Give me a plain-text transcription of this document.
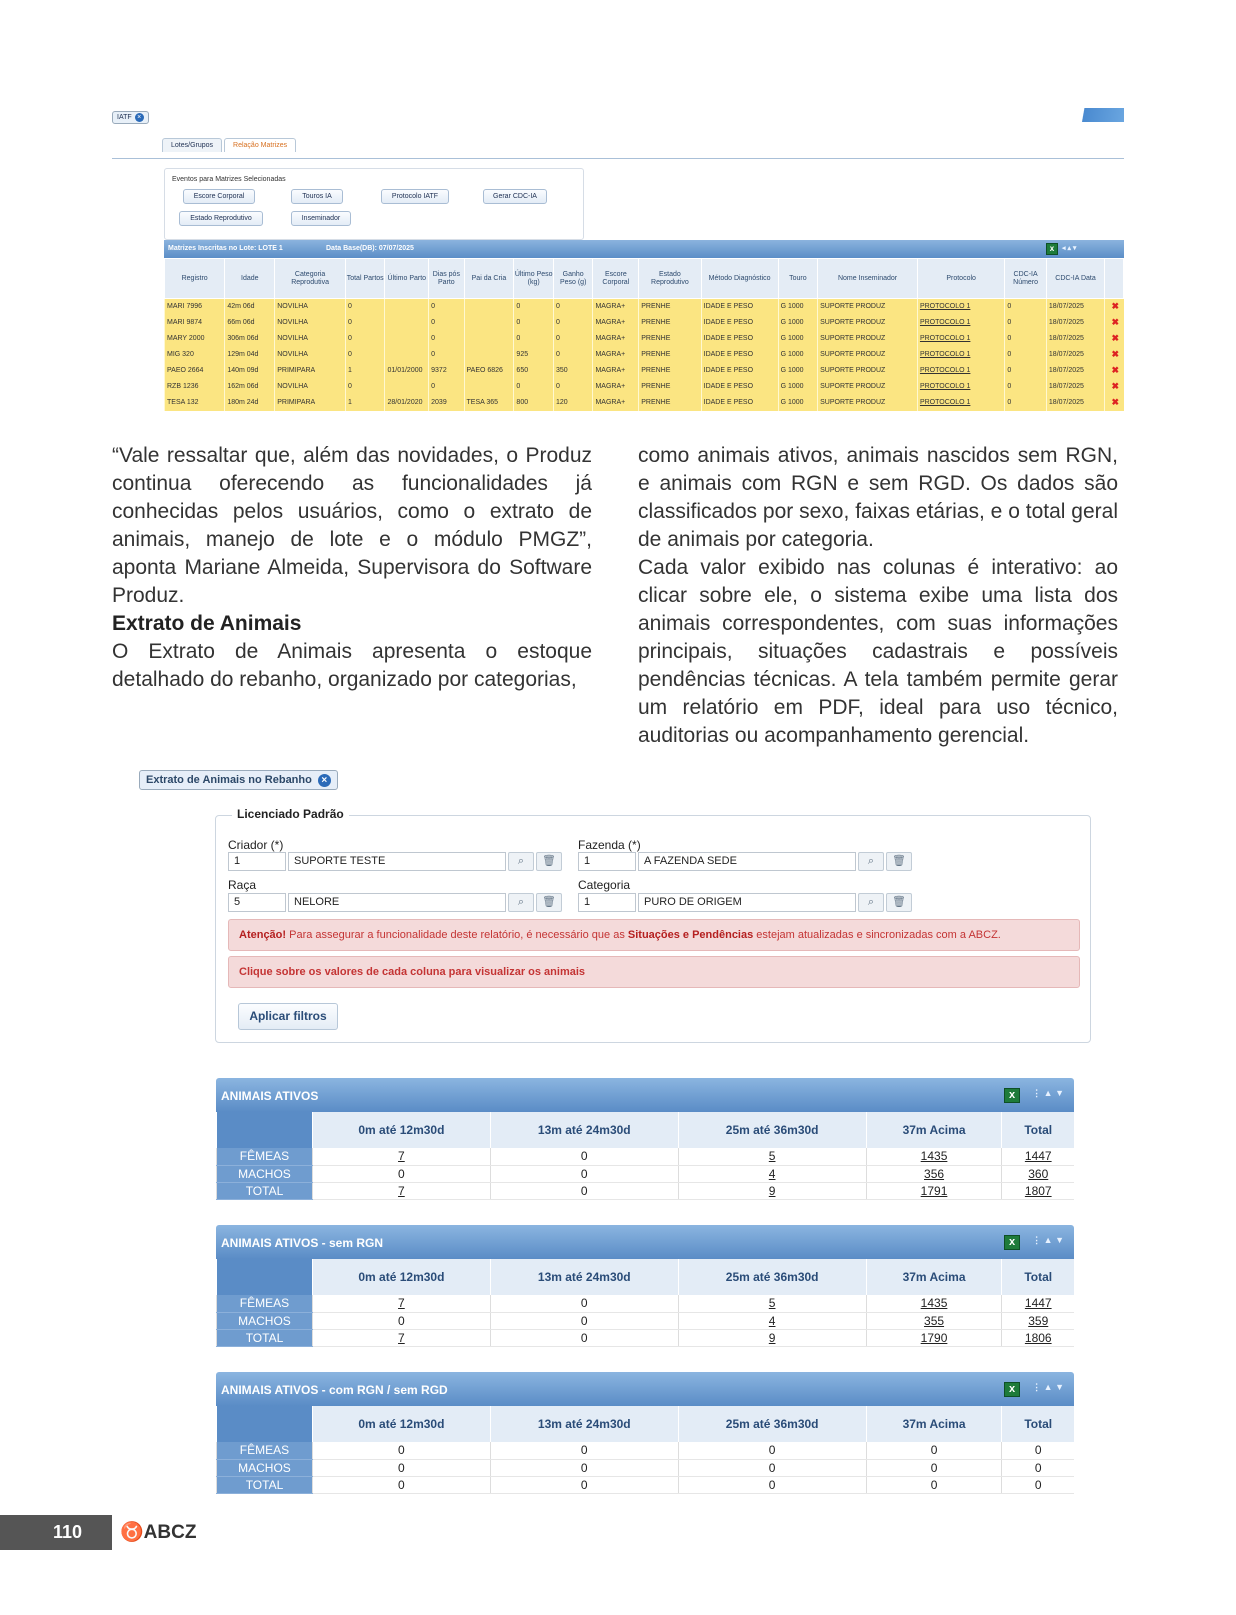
IATF ×
Lotes/Grupos	Relação Matrizes
Eventos para Matrizes Selecionadas
Escore Corporal	Touros IA	Protocolo IATF	Gerar CDC-IA
Estado Reprodutivo	Inseminador
Matrizes Inscritas no Lote: LOTE 1	Data Base(DB): 07/07/2025	x	◂ ▴ ▾
Registro	Idade	Categoria Reprodutiva	Total Partos	Último Parto	Dias pós Parto	Pai da Cria	Último Peso (kg)	Ganho Peso (g)	Escore Corporal	Estado Reprodutivo	Método Diagnóstico	Touro	Nome Inseminador	Protocolo	CDC-IA Número	CDC-IA Data	
MARI 7996	42m 06d	NOVILHA	0		0		0	0	MAGRA+	PRENHE	IDADE E PESO	G 1000	SUPORTE PRODUZ	PROTOCOLO 1	0	18/07/2025	✖
MARI 9874	66m 06d	NOVILHA	0		0		0	0	MAGRA+	PRENHE	IDADE E PESO	G 1000	SUPORTE PRODUZ	PROTOCOLO 1	0	18/07/2025	✖
MARY 2000	306m 06d	NOVILHA	0		0		0	0	MAGRA+	PRENHE	IDADE E PESO	G 1000	SUPORTE PRODUZ	PROTOCOLO 1	0	18/07/2025	✖
MIG 320	129m 04d	NOVILHA	0		0		925	0	MAGRA+	PRENHE	IDADE E PESO	G 1000	SUPORTE PRODUZ	PROTOCOLO 1	0	18/07/2025	✖
PAEO 2664	140m 09d	PRIMIPARA	1	01/01/2000	9372	PAEO 6826	650	350	MAGRA+	PRENHE	IDADE E PESO	G 1000	SUPORTE PRODUZ	PROTOCOLO 1	0	18/07/2025	✖
RZB 1236	162m 06d	NOVILHA	0		0		0	0	MAGRA+	PRENHE	IDADE E PESO	G 1000	SUPORTE PRODUZ	PROTOCOLO 1	0	18/07/2025	✖
TESA 132	180m 24d	PRIMIPARA	1	28/01/2020	2039	TESA 365	800	120	MAGRA+	PRENHE	IDADE E PESO	G 1000	SUPORTE PRODUZ	PROTOCOLO 1	0	18/07/2025	✖

“Vale ressaltar que, além das novidades, o Produz continua oferecendo as funcionalidades já conhecidas pelos usuários, como o extrato de animais, manejo de lote e o módulo PMGZ”, aponta Mariane Almeida, Supervisora do Software Produz.

Extrato de Animais

O Extrato de Animais apresenta o estoque detalhado do rebanho, organizado por categorias,

como animais ativos, animais nascidos sem RGN, e animais com RGN e sem RGD. Os dados são classificados por sexo, faixas etárias, e o total geral de animais por categoria.

Cada valor exibido nas colunas é interativo: ao clicar sobre ele, o sistema exibe uma lista dos animais correspondentes, com suas informações principais, situações cadastrais e possíveis pendências técnicas. A tela também permite gerar um relatório em PDF, ideal para uso técnico, auditorias ou acompanhamento gerencial.

Extrato de Animais no Rebanho ×
Licenciado Padrão
Criador (*)
1	SUPORTE TESTE	⌕	🗑
Fazenda (*)
1	A FAZENDA SEDE	⌕	🗑
Raça
5	NELORE	⌕	🗑
Categoria
1	PURO DE ORIGEM	⌕	🗑
Atenção! Para assegurar a funcionalidade deste relatório, é necessário que as Situações e Pendências estejam atualizadas e sincronizadas com a ABCZ.
Clique sobre os valores de cada coluna para visualizar os animais
Aplicar filtros
ANIMAIS ATIVOS	x	⋮ ▲ ▼
	0m até 12m30d	13m até 24m30d	25m até 36m30d	37m Acima	Total
FÊMEAS	7	0	5	1435	1447
MACHOS	0	0	4	356	360
TOTAL	7	0	9	1791	1807
ANIMAIS ATIVOS - sem RGN	x	⋮ ▲ ▼
	0m até 12m30d	13m até 24m30d	25m até 36m30d	37m Acima	Total
FÊMEAS	7	0	5	1435	1447
MACHOS	0	0	4	355	359
TOTAL	7	0	9	1790	1806
ANIMAIS ATIVOS - com RGN / sem RGD	x	⋮ ▲ ▼
	0m até 12m30d	13m até 24m30d	25m até 36m30d	37m Acima	Total
FÊMEAS	0	0	0	0	0
MACHOS	0	0	0	0	0
TOTAL	0	0	0	0	0
110	♉ABCZ
